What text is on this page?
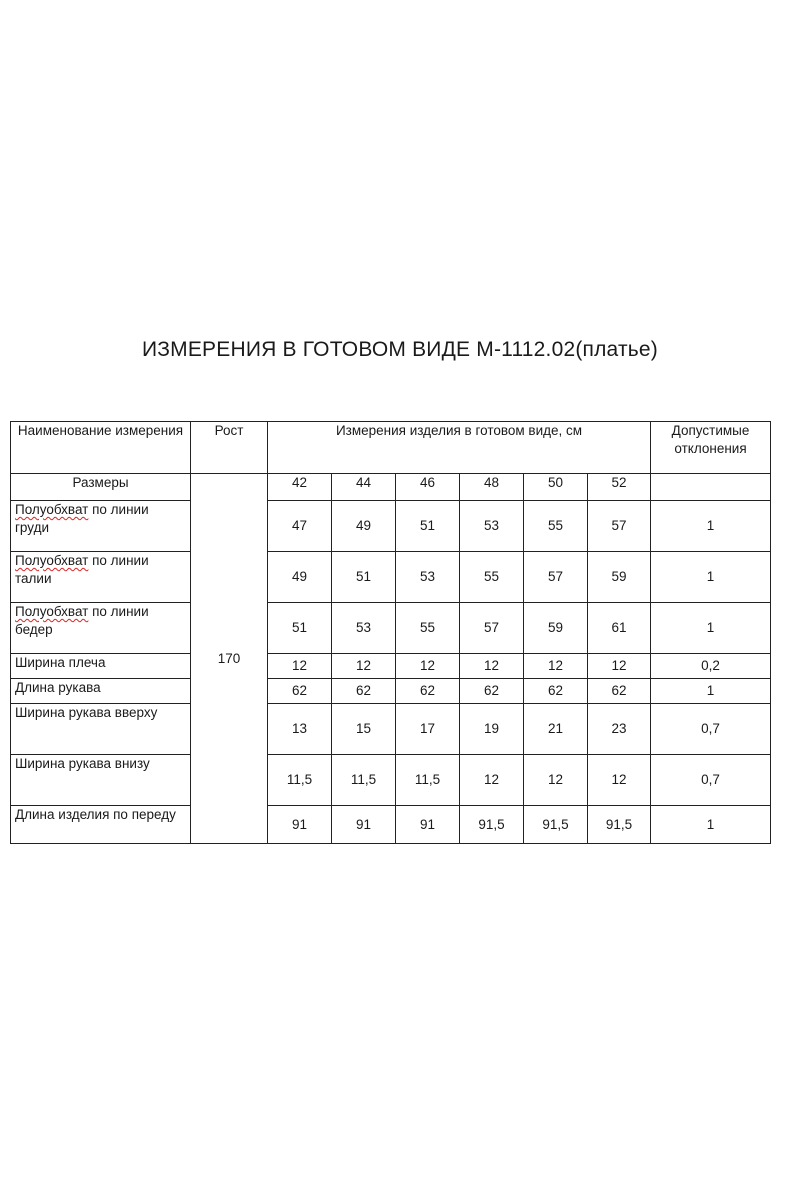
ИЗМЕРЕНИЯ В ГОТОВОМ ВИДЕ М-1112.02(платье)
Наименование измерения	Рост	Измерения изделия в готовом виде, см						Допустимые отклонения
Размеры	170	42	44	46	48	50	52	
Полуобхват по линии груди		47	49	51	53	55	57	1
Полуобхват по линии талии		49	51	53	55	57	59	1
Полуобхват по линии бедер		51	53	55	57	59	61	1
Ширина плеча		12	12	12	12	12	12	0,2
Длина рукава		62	62	62	62	62	62	1
Ширина рукава вверху		13	15	17	19	21	23	0,7
Ширина рукава внизу		11,5	11,5	11,5	12	12	12	0,7
Длина изделия по переду		91	91	91	91,5	91,5	91,5	1
